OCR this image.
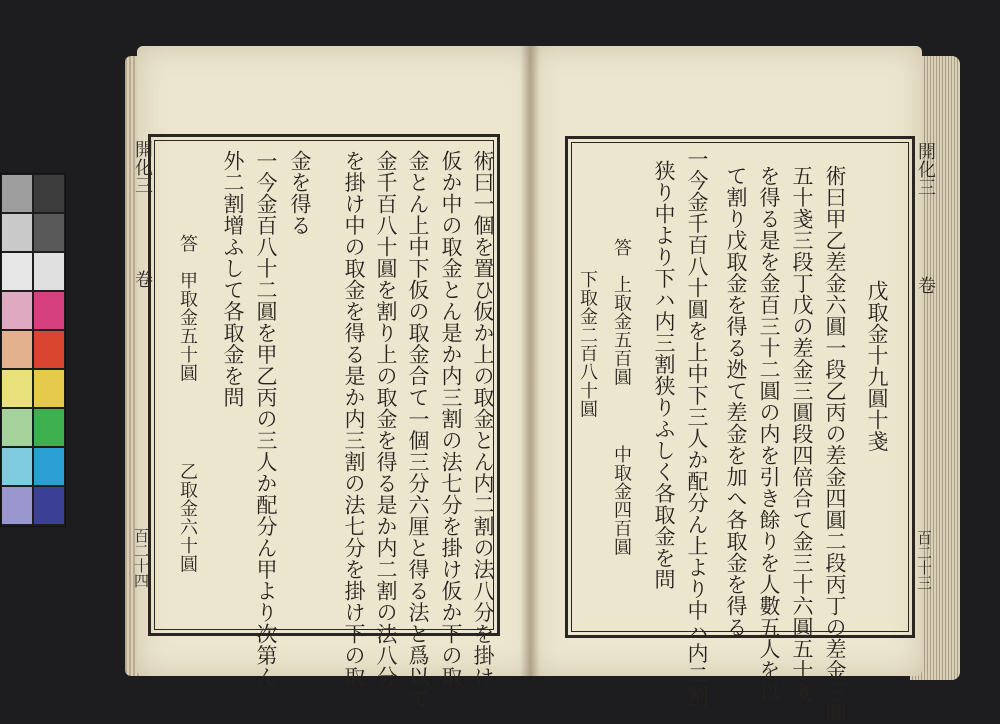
開化三
卷
百二十四	術曰一個を置ひ仮か上の取金とん内二割の法八分を掛け
仮か中の取金とん是か内三割の法七分を掛け仮か下の取
金とん上中下仮の取金合て一個三分六厘と得る法と爲以て
金千百八十圓を割り上の取金を得る是か内二割の法八分
を掛け中の取金を得る是か内三割の法七分を掛け下の取
金を得る
一今金百八十二圓を甲乙丙の三人か配分ん甲より次第ん
外二割增ふして各取金を問
答　甲取金五十圓
乙取金六十圓
開化三
卷
百二十三
戊取金十九圓十戔
術曰甲乙差金六圓一段乙丙の差金四圓二段丙丁の差金三圓
五十戔三段丁戊の差金三圓段四倍合て金三十六圓五十戔
を得る是を金百三十二圓の内を引き餘りを人數五人を以
て割り戊取金を得る迯て差金を加へ各取金を得る
一今金千百八十圓を上中下三人か配分ん上より中ハ内二割
狭り中より下ハ内三割狭りふしく各取金を問
答　上取金五百圓
中取金四百圓
下取金二百八十圓
